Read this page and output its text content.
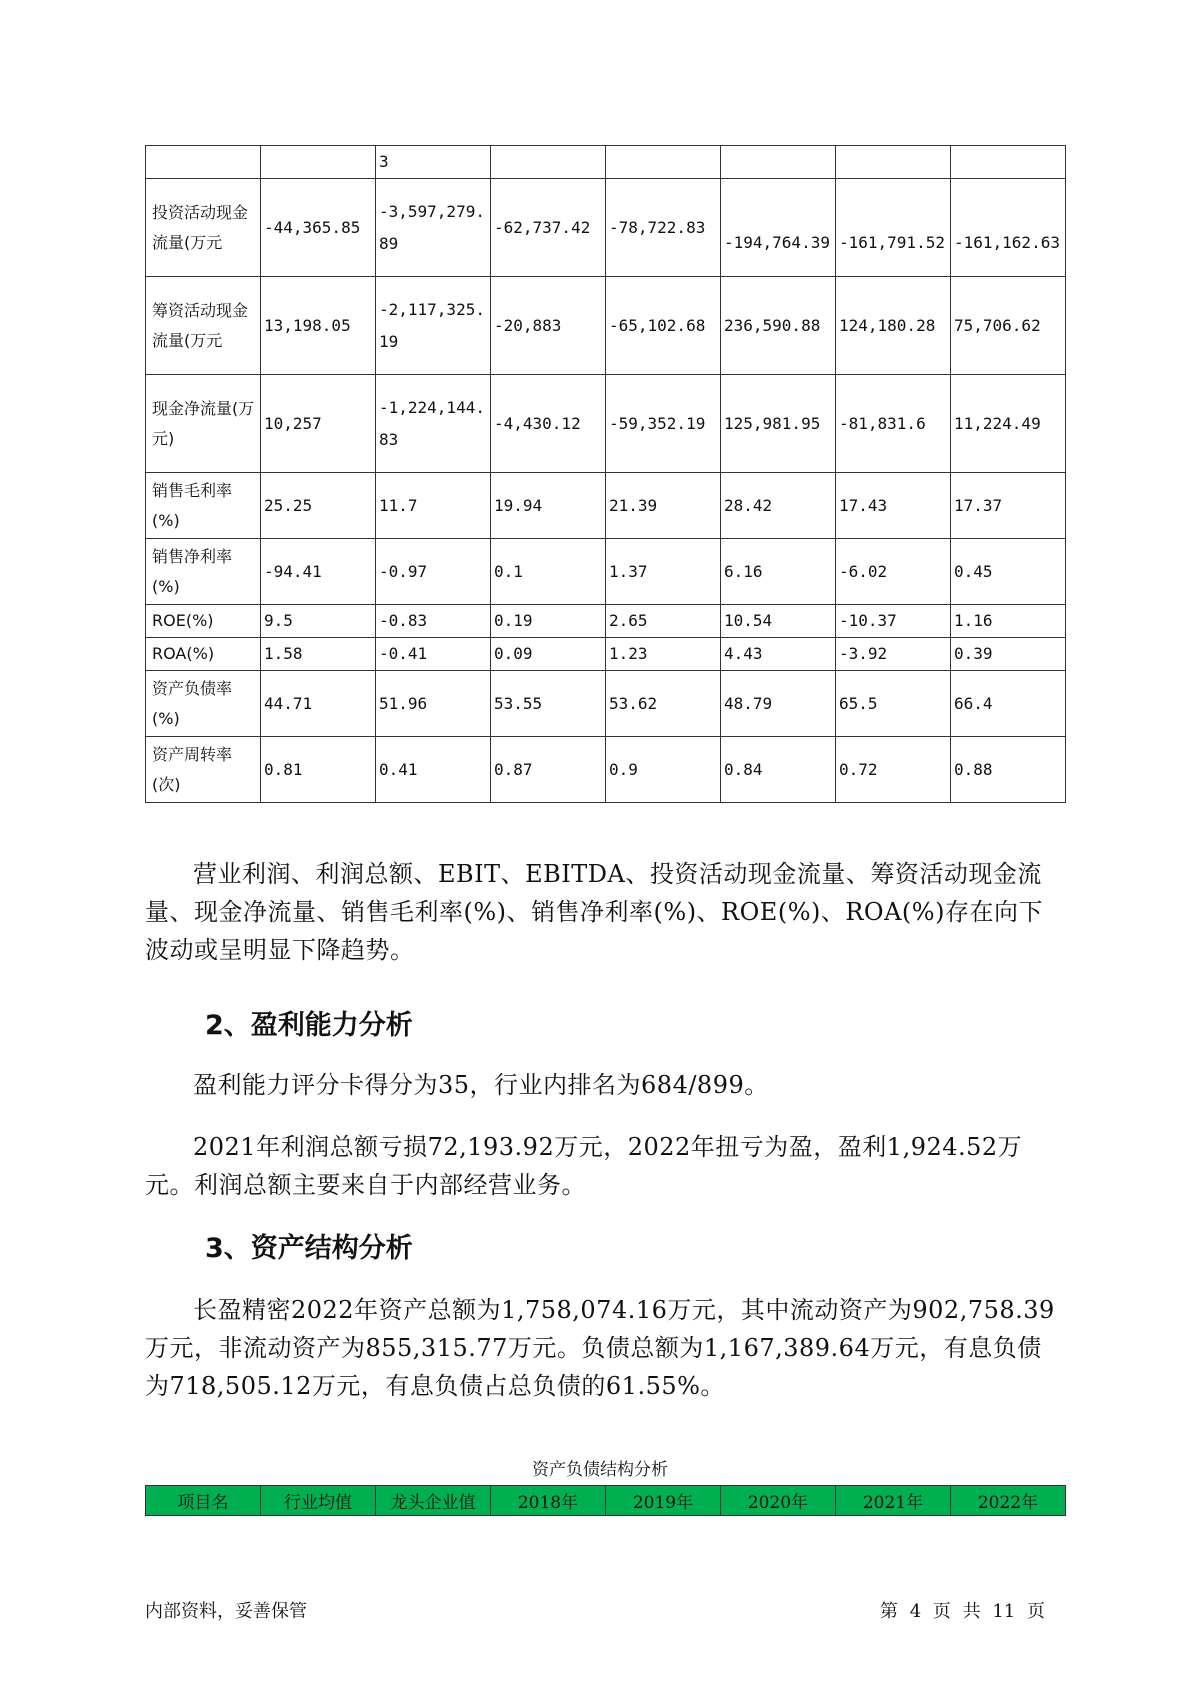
		3					
投资活动现金流量(万元	-44,365.85	-3,597,279.89	-62,737.42	-78,722.83	-194,764.39	-161,791.52	-161,162.63
筹资活动现金流量(万元	13,198.05	-2,117,325.19	-20,883	-65,102.68	236,590.88	124,180.28	75,706.62
现金净流量(万元)	10,257	-1,224,144.83	-4,430.12	-59,352.19	125,981.95	-81,831.6	11,224.49
销售毛利率(%)	25.25	11.7	19.94	21.39	28.42	17.43	17.37
销售净利率(%)	-94.41	-0.97	0.1	1.37	6.16	-6.02	0.45
ROE(%)	9.5	-0.83	0.19	2.65	10.54	-10.37	1.16
ROA(%)	1.58	-0.41	0.09	1.23	4.43	-3.92	0.39
资产负债率(%)	44.71	51.96	53.55	53.62	48.79	65.5	66.4
资产周转率(次)	0.81	0.41	0.87	0.9	0.84	0.72	0.88

营业利润、利润总额、EBIT、EBITDA、投资活动现金流量、筹资活动现金流量、现金净流量、销售毛利率(%)、销售净利率(%)、ROE(%)、ROA(%)存在向下波动或呈明显下降趋势。

2、盈利能力分析

盈利能力评分卡得分为35，行业内排名为684/899。

2021年利润总额亏损72,193.92万元，2022年扭亏为盈，盈利1,924.52万元。利润总额主要来自于内部经营业务。

3、资产结构分析

长盈精密2022年资产总额为1,758,074.16万元，其中流动资产为902,758.39万元，非流动资产为855,315.77万元。负债总额为1,167,389.64万元，有息负债为718,505.12万元，有息负债占总负债的61.55%。

资产负债结构分析

项目名	行业均值	龙头企业值	2018年	2019年	2020年	2021年	2022年
内部资料，妥善保管	第 4 页 共 11 页
